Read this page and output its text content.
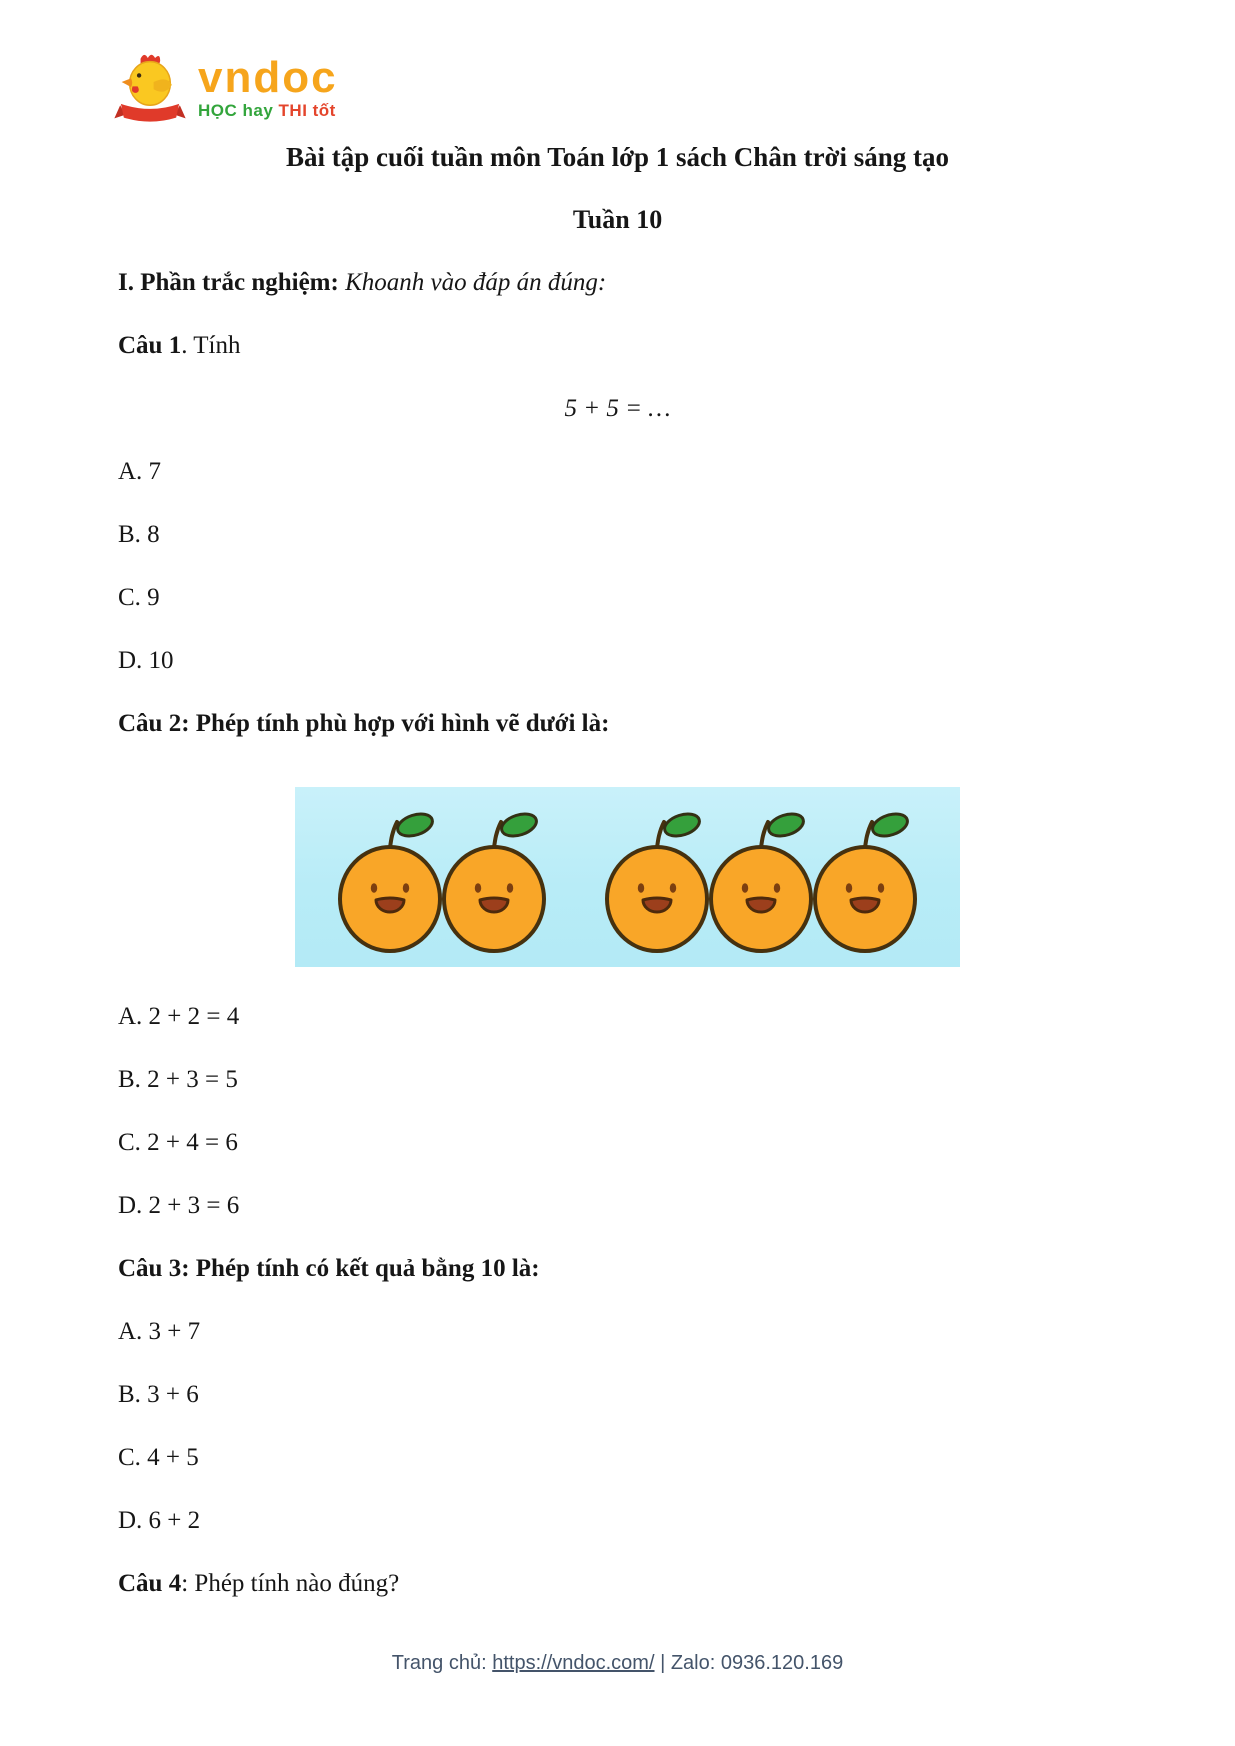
vndoc
HỌC hay THI tốt
Bài tập cuối tuần môn Toán lớp 1 sách Chân trời sáng tạo
Tuần 10

I. Phần trắc nghiệm: Khoanh vào đáp án đúng:

Câu 1. Tính

5 + 5 = …

A. 7

B. 8

C. 9

D. 10

Câu 2: Phép tính phù hợp với hình vẽ dưới là:

A. 2 + 2 = 4

B. 2 + 3 = 5

C. 2 + 4 = 6

D. 2 + 3 = 6

Câu 3: Phép tính có kết quả bằng 10 là:

A. 3 + 7

B. 3 + 6

C. 4 + 5

D. 6 + 2

Câu 4: Phép tính nào đúng?

Trang chủ: https://vndoc.com/ | Zalo: 0936.120.169
